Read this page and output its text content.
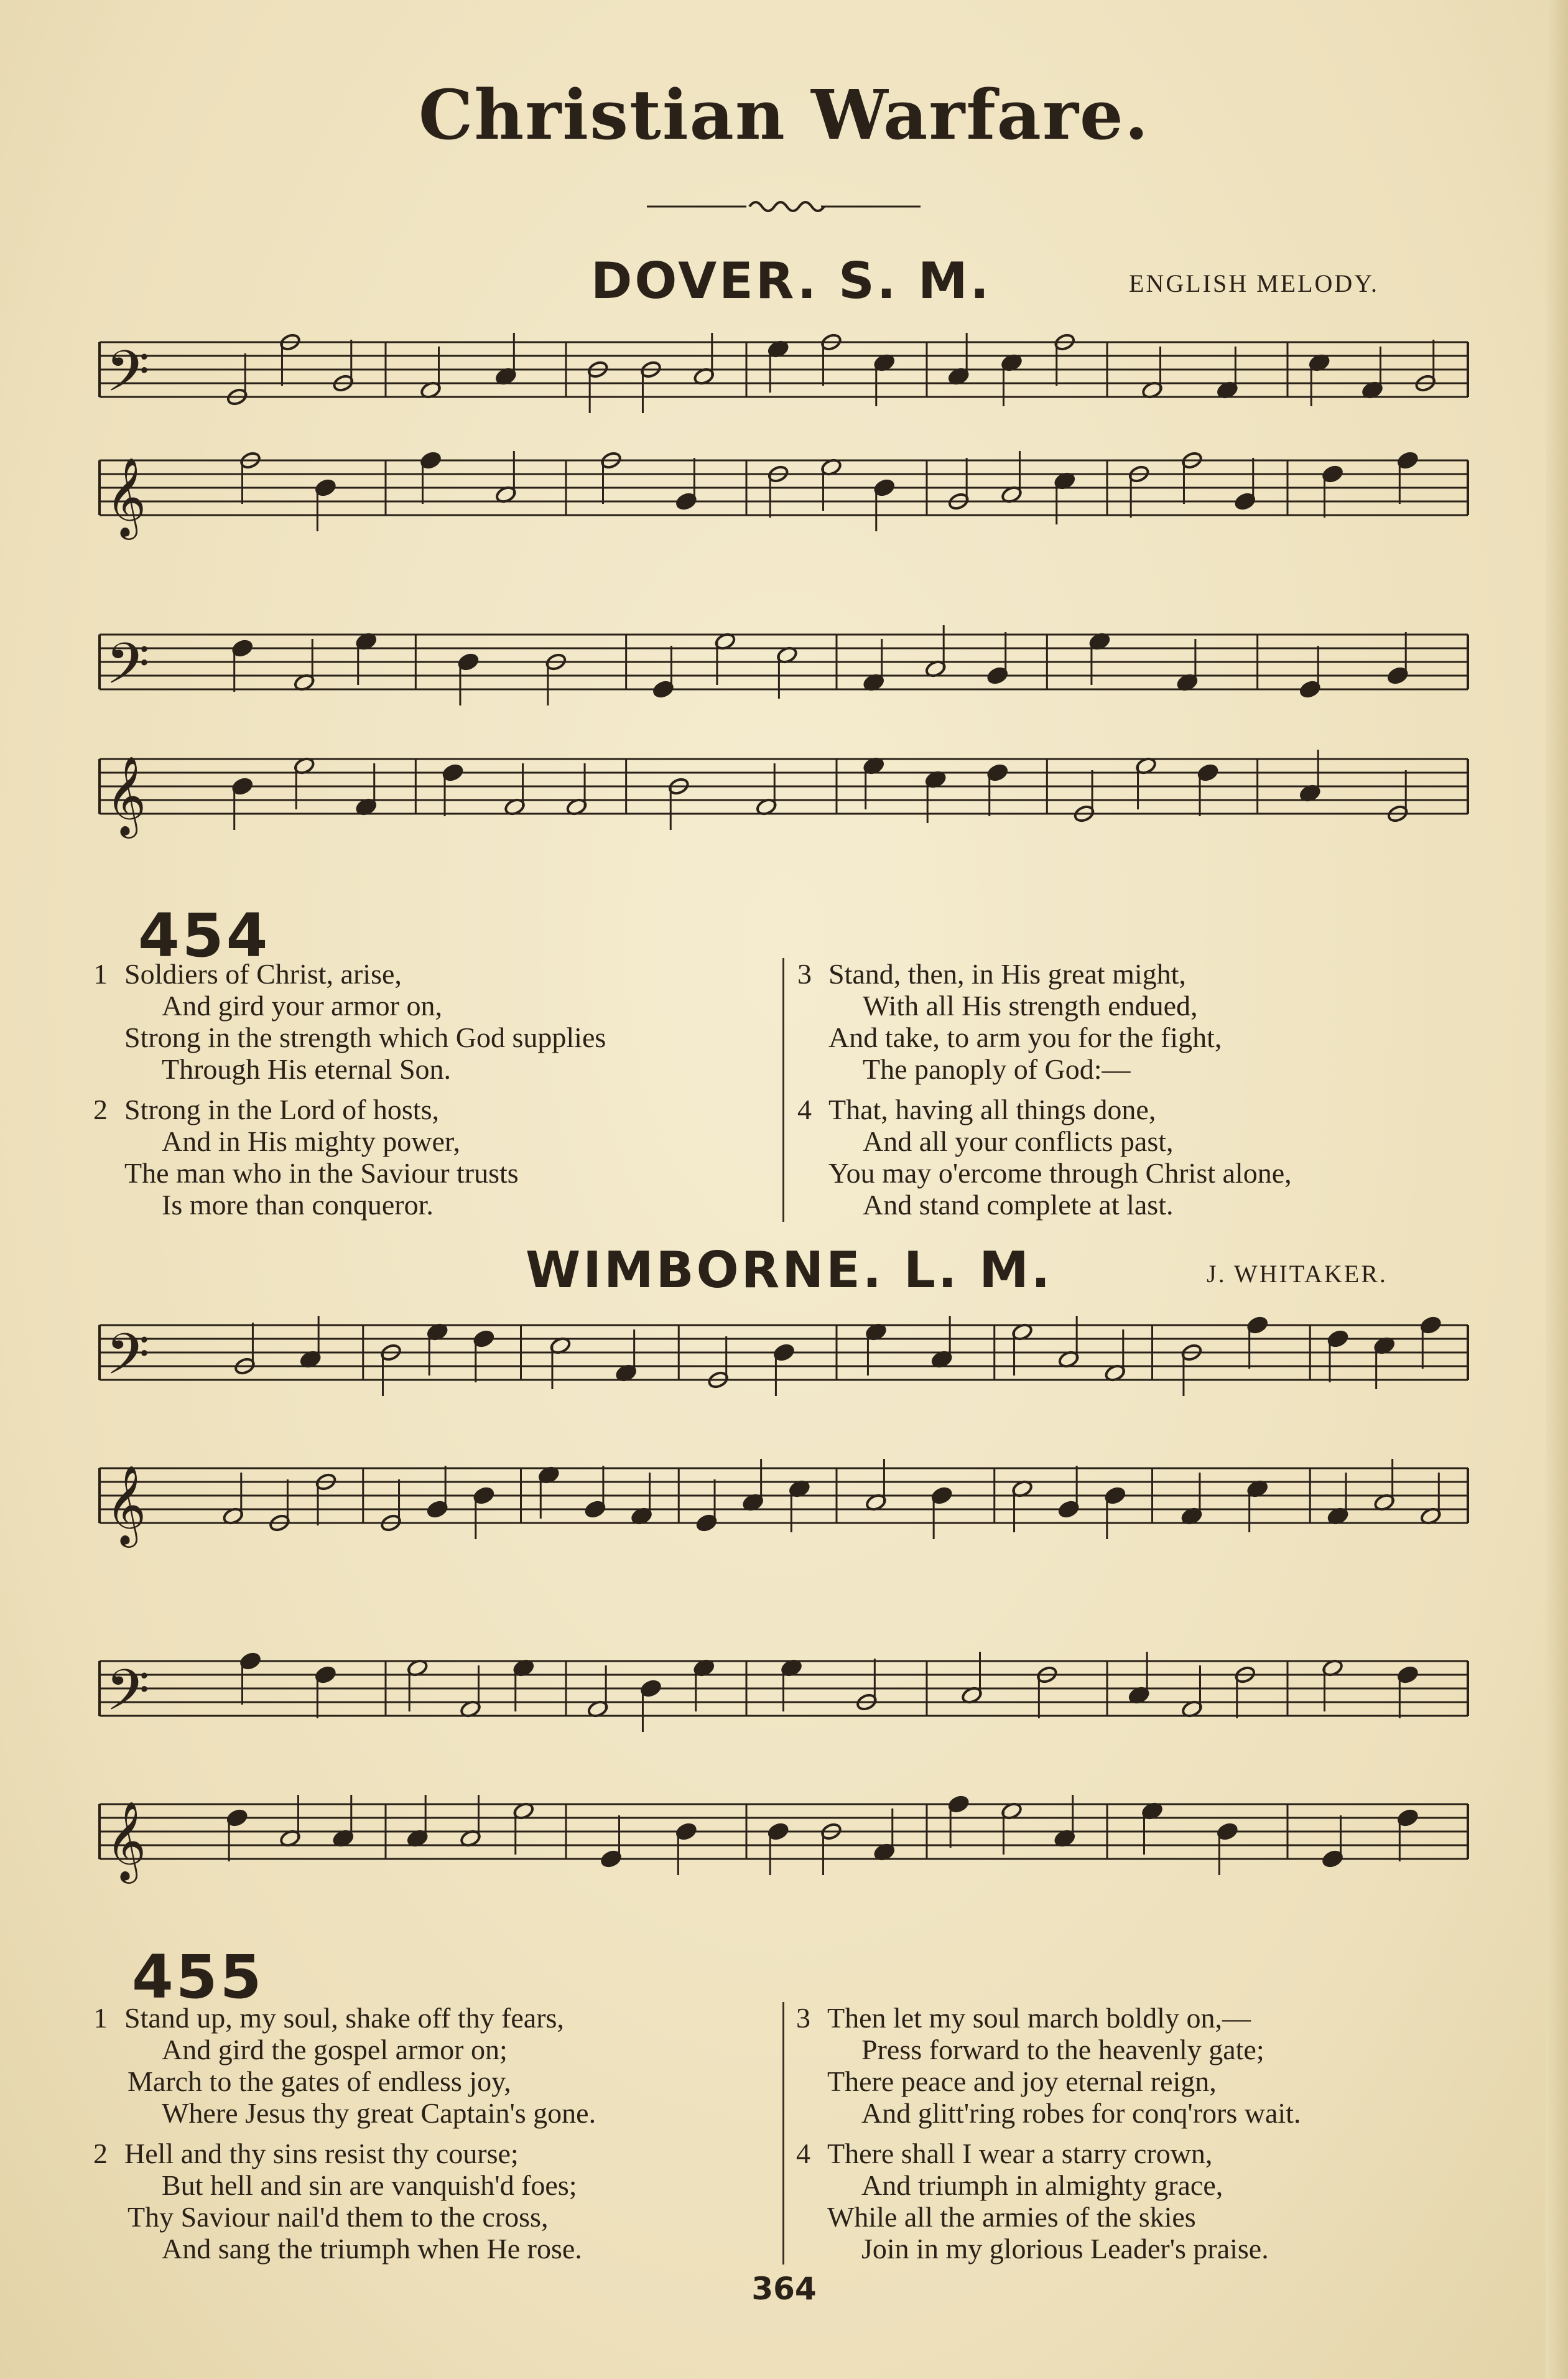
Christian Warfare.
DOVER. S. M.	ENGLISH MELODY.
𝄢
𝄞
𝄢
𝄞
454
1 Soldiers of Christ, arise,
And gird your armor on,
Strong in the strength which God supplies
Through His eternal Son.
2 Strong in the Lord of hosts,
And in His mighty power,
The man who in the Saviour trusts
Is more than conqueror.
3 Stand, then, in His great might,
With all His strength endued,
And take, to arm you for the fight,
The panoply of God:—
4 That, having all things done,
And all your conflicts past,
You may o'ercome through Christ alone,
And stand complete at last.
WIMBORNE. L. M.	J. WHITAKER.
𝄢
𝄞
𝄢
𝄞
455
1 Stand up, my soul, shake off thy fears,
And gird the gospel armor on;
March to the gates of endless joy,
Where Jesus thy great Captain's gone.
2 Hell and thy sins resist thy course;
But hell and sin are vanquish'd foes;
Thy Saviour nail'd them to the cross,
And sang the triumph when He rose.
3 Then let my soul march boldly on,—
Press forward to the heavenly gate;
There peace and joy eternal reign,
And glitt'ring robes for conq'rors wait.
4 There shall I wear a starry crown,
And triumph in almighty grace,
While all the armies of the skies
Join in my glorious Leader's praise.
364
